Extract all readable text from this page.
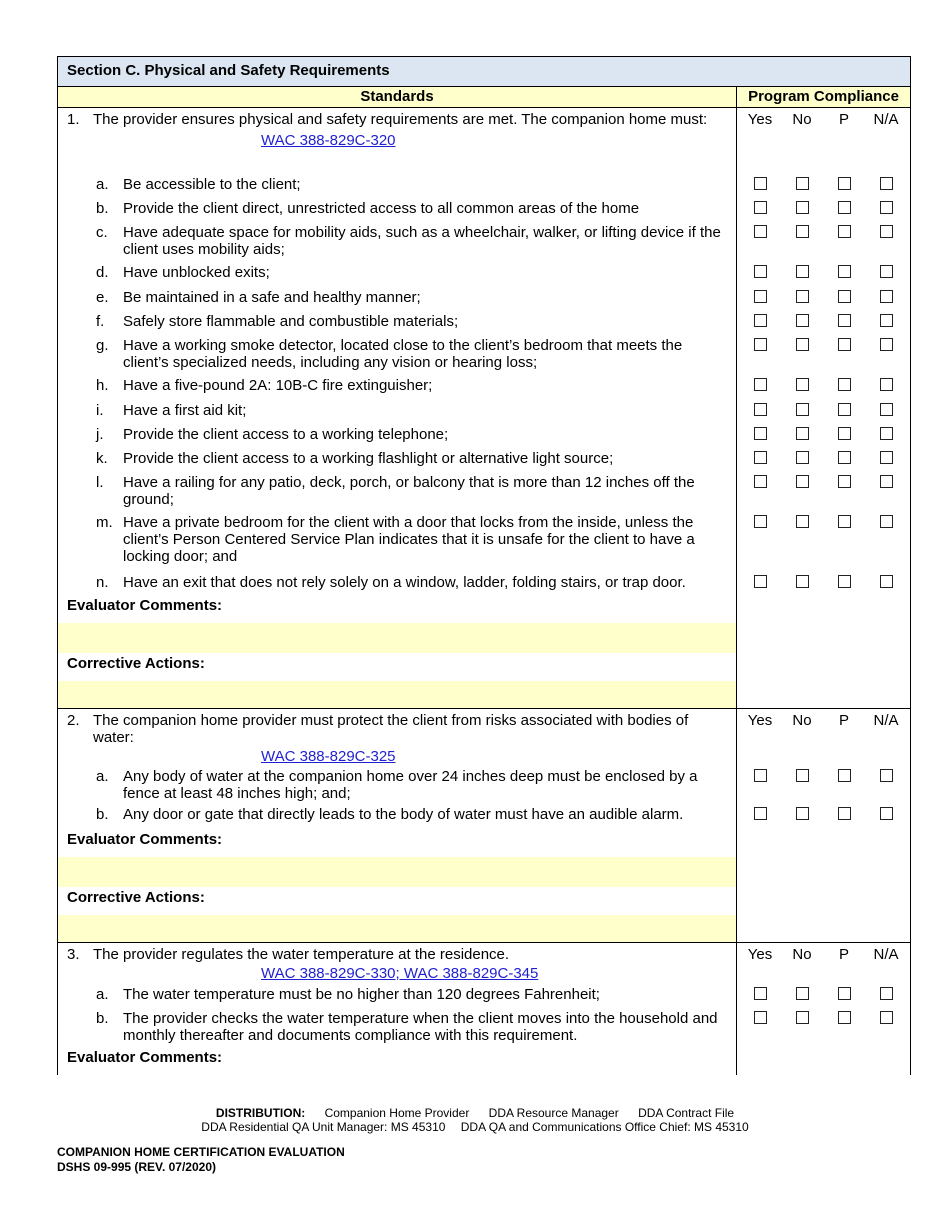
Section C. Physical and Safety Requirements
Standards	Program Compliance
1. The provider ensures physical and safety requirements are met. The companion home must:
WAC 388-829C-320
Yes	No	P	N/A
a. Be accessible to the client;
b. Provide the client direct, unrestricted access to all common areas of the home
c.	Have adequate space for mobility aids, such as a wheelchair, walker, or lifting device if the client uses mobility aids;
d. Have unblocked exits;
e. Be maintained in a safe and healthy manner;
f.	Safely store flammable and combustible materials;
g. Have a working smoke detector, located close to the client’s bedroom that meets the client’s specialized needs, including any vision or hearing loss;
h. Have a five-pound 2A: 10B-C fire extinguisher;
i.	Have a first aid kit;
j.	Provide the client access to a working telephone;
k.	Provide the client access to a working flashlight or alternative light source;
l.	Have a railing for any patio, deck, porch, or balcony that is more than 12 inches off the ground;
m. Have a private bedroom for the client with a door that locks from the inside, unless the client’s Person Centered Service Plan indicates that it is unsafe for the client to have a locking door; and
n. Have an exit that does not rely solely on a window, ladder, folding stairs, or trap door.
Evaluator Comments:
Corrective Actions:
2. The companion home provider must protect the client from risks associated with bodies of water:
WAC 388-829C-325
Yes	No	P	N/A
a. Any body of water at the companion home over 24 inches deep must be enclosed by a fence at least 48 inches high; and;
b. Any door or gate that directly leads to the body of water must have an audible alarm.
Evaluator Comments:
Corrective Actions:
3. The provider regulates the water temperature at the residence.
WAC 388-829C-330; WAC 388-829C-345
Yes	No	P	N/A
a. The water temperature must be no higher than 120 degrees Fahrenheit;
b. The provider checks the water temperature when the client moves into the household and monthly thereafter and documents compliance with this requirement.
Evaluator Comments:
DISTRIBUTION: Companion Home Provider DDA Resource Manager DDA Contract File
DDA Residential QA Unit Manager: MS 45310 DDA QA and Communications Office Chief: MS 45310
COMPANION HOME CERTIFICATION EVALUATION
DSHS 09-995 (REV. 07/2020)
